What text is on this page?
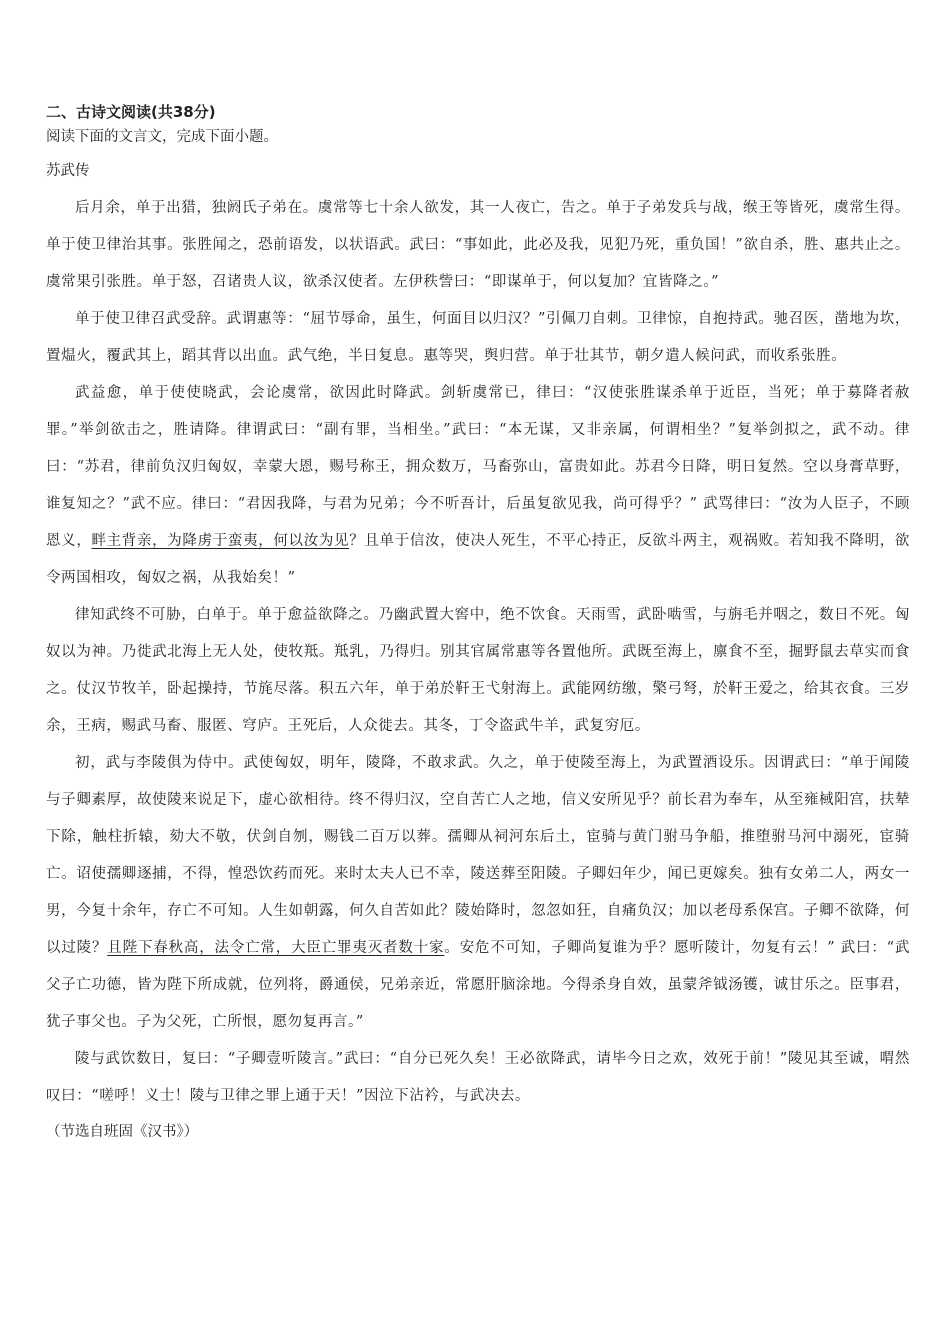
二、古诗文阅读(共38分)

阅读下面的文言文，完成下面小题。

苏武传

后月余，单于出猎，独阏氏子弟在。虞常等七十余人欲发，其一人夜亡，告之。单于子弟发兵与战，缑王等皆死，虞常生得。单于使卫律治其事。张胜闻之，恐前语发，以状语武。武曰：“事如此，此必及我，见犯乃死，重负国！”欲自杀，胜、惠共止之。虞常果引张胜。单于怒，召诸贵人议，欲杀汉使者。左伊秩訾曰：“即谋单于，何以复加？宜皆降之。”

单于使卫律召武受辞。武谓惠等：“屈节辱命，虽生，何面目以归汉？”引佩刀自刺。卫律惊，自抱持武。驰召医，凿地为坎，置煴火，覆武其上，蹈其背以出血。武气绝，半日复息。惠等哭，舆归营。单于壮其节，朝夕遣人候问武，而收系张胜。

武益愈，单于使使晓武，会论虞常，欲因此时降武。剑斩虞常已，律曰：“汉使张胜谋杀单于近臣，当死；单于募降者赦罪。”举剑欲击之，胜请降。律谓武曰：“副有罪，当相坐。”武曰：“本无谋，又非亲属，何谓相坐？”复举剑拟之，武不动。律曰：“苏君，律前负汉归匈奴，幸蒙大恩，赐号称王，拥众数万，马畜弥山，富贵如此。苏君今日降，明日复然。空以身膏草野，谁复知之？”武不应。律曰：“君因我降，与君为兄弟；今不听吾计，后虽复欲见我，尚可得乎？” 武骂律曰：“汝为人臣子，不顾恩义，畔主背亲，为降虏于蛮夷，何以汝为见？且单于信汝，使决人死生，不平心持正，反欲斗两主，观祸败。若知我不降明，欲令两国相攻，匈奴之祸，从我始矣！”

律知武终不可胁，白单于。单于愈益欲降之。乃幽武置大窖中，绝不饮食。天雨雪，武卧啮雪，与旃毛并咽之，数日不死。匈奴以为神。乃徙武北海上无人处，使牧羝。羝乳，乃得归。别其官属常惠等各置他所。武既至海上，廪食不至，掘野鼠去草实而食之。仗汉节牧羊，卧起操持，节旄尽落。积五六年，单于弟於靬王弋射海上。武能网纺缴，檠弓弩，於靬王爱之，给其衣食。三岁余，王病，赐武马畜、服匿、穹庐。王死后，人众徙去。其冬，丁令盗武牛羊，武复穷厄。

初，武与李陵俱为侍中。武使匈奴，明年，陵降，不敢求武。久之，单于使陵至海上，为武置酒设乐。因谓武曰：“单于闻陵与子卿素厚，故使陵来说足下，虚心欲相待。终不得归汉，空自苦亡人之地，信义安所见乎？前长君为奉车，从至雍棫阳宫，扶辇下除，触柱折辕，劾大不敬，伏剑自刎，赐钱二百万以葬。孺卿从祠河东后土，宦骑与黄门驸马争船，推堕驸马河中溺死，宦骑亡。诏使孺卿逐捕，不得，惶恐饮药而死。来时太夫人已不幸，陵送葬至阳陵。子卿妇年少，闻已更嫁矣。独有女弟二人，两女一男，今复十余年，存亡不可知。人生如朝露，何久自苦如此？陵始降时，忽忽如狂，自痛负汉；加以老母系保宫。子卿不欲降，何以过陵？且陛下春秋高，法令亡常，大臣亡罪夷灭者数十家。安危不可知，子卿尚复谁为乎？愿听陵计，勿复有云！” 武曰：“武父子亡功德，皆为陛下所成就，位列将，爵通侯，兄弟亲近，常愿肝脑涂地。今得杀身自效，虽蒙斧钺汤镬，诚甘乐之。臣事君，犹子事父也。子为父死，亡所恨，愿勿复再言。”

陵与武饮数日，复曰：“子卿壹听陵言。”武曰：“自分已死久矣！王必欲降武，请毕今日之欢，效死于前！”陵见其至诚，喟然叹曰：“嗟呼！义士！陵与卫律之罪上通于天！”因泣下沾衿，与武决去。

（节选自班固《汉书》）
